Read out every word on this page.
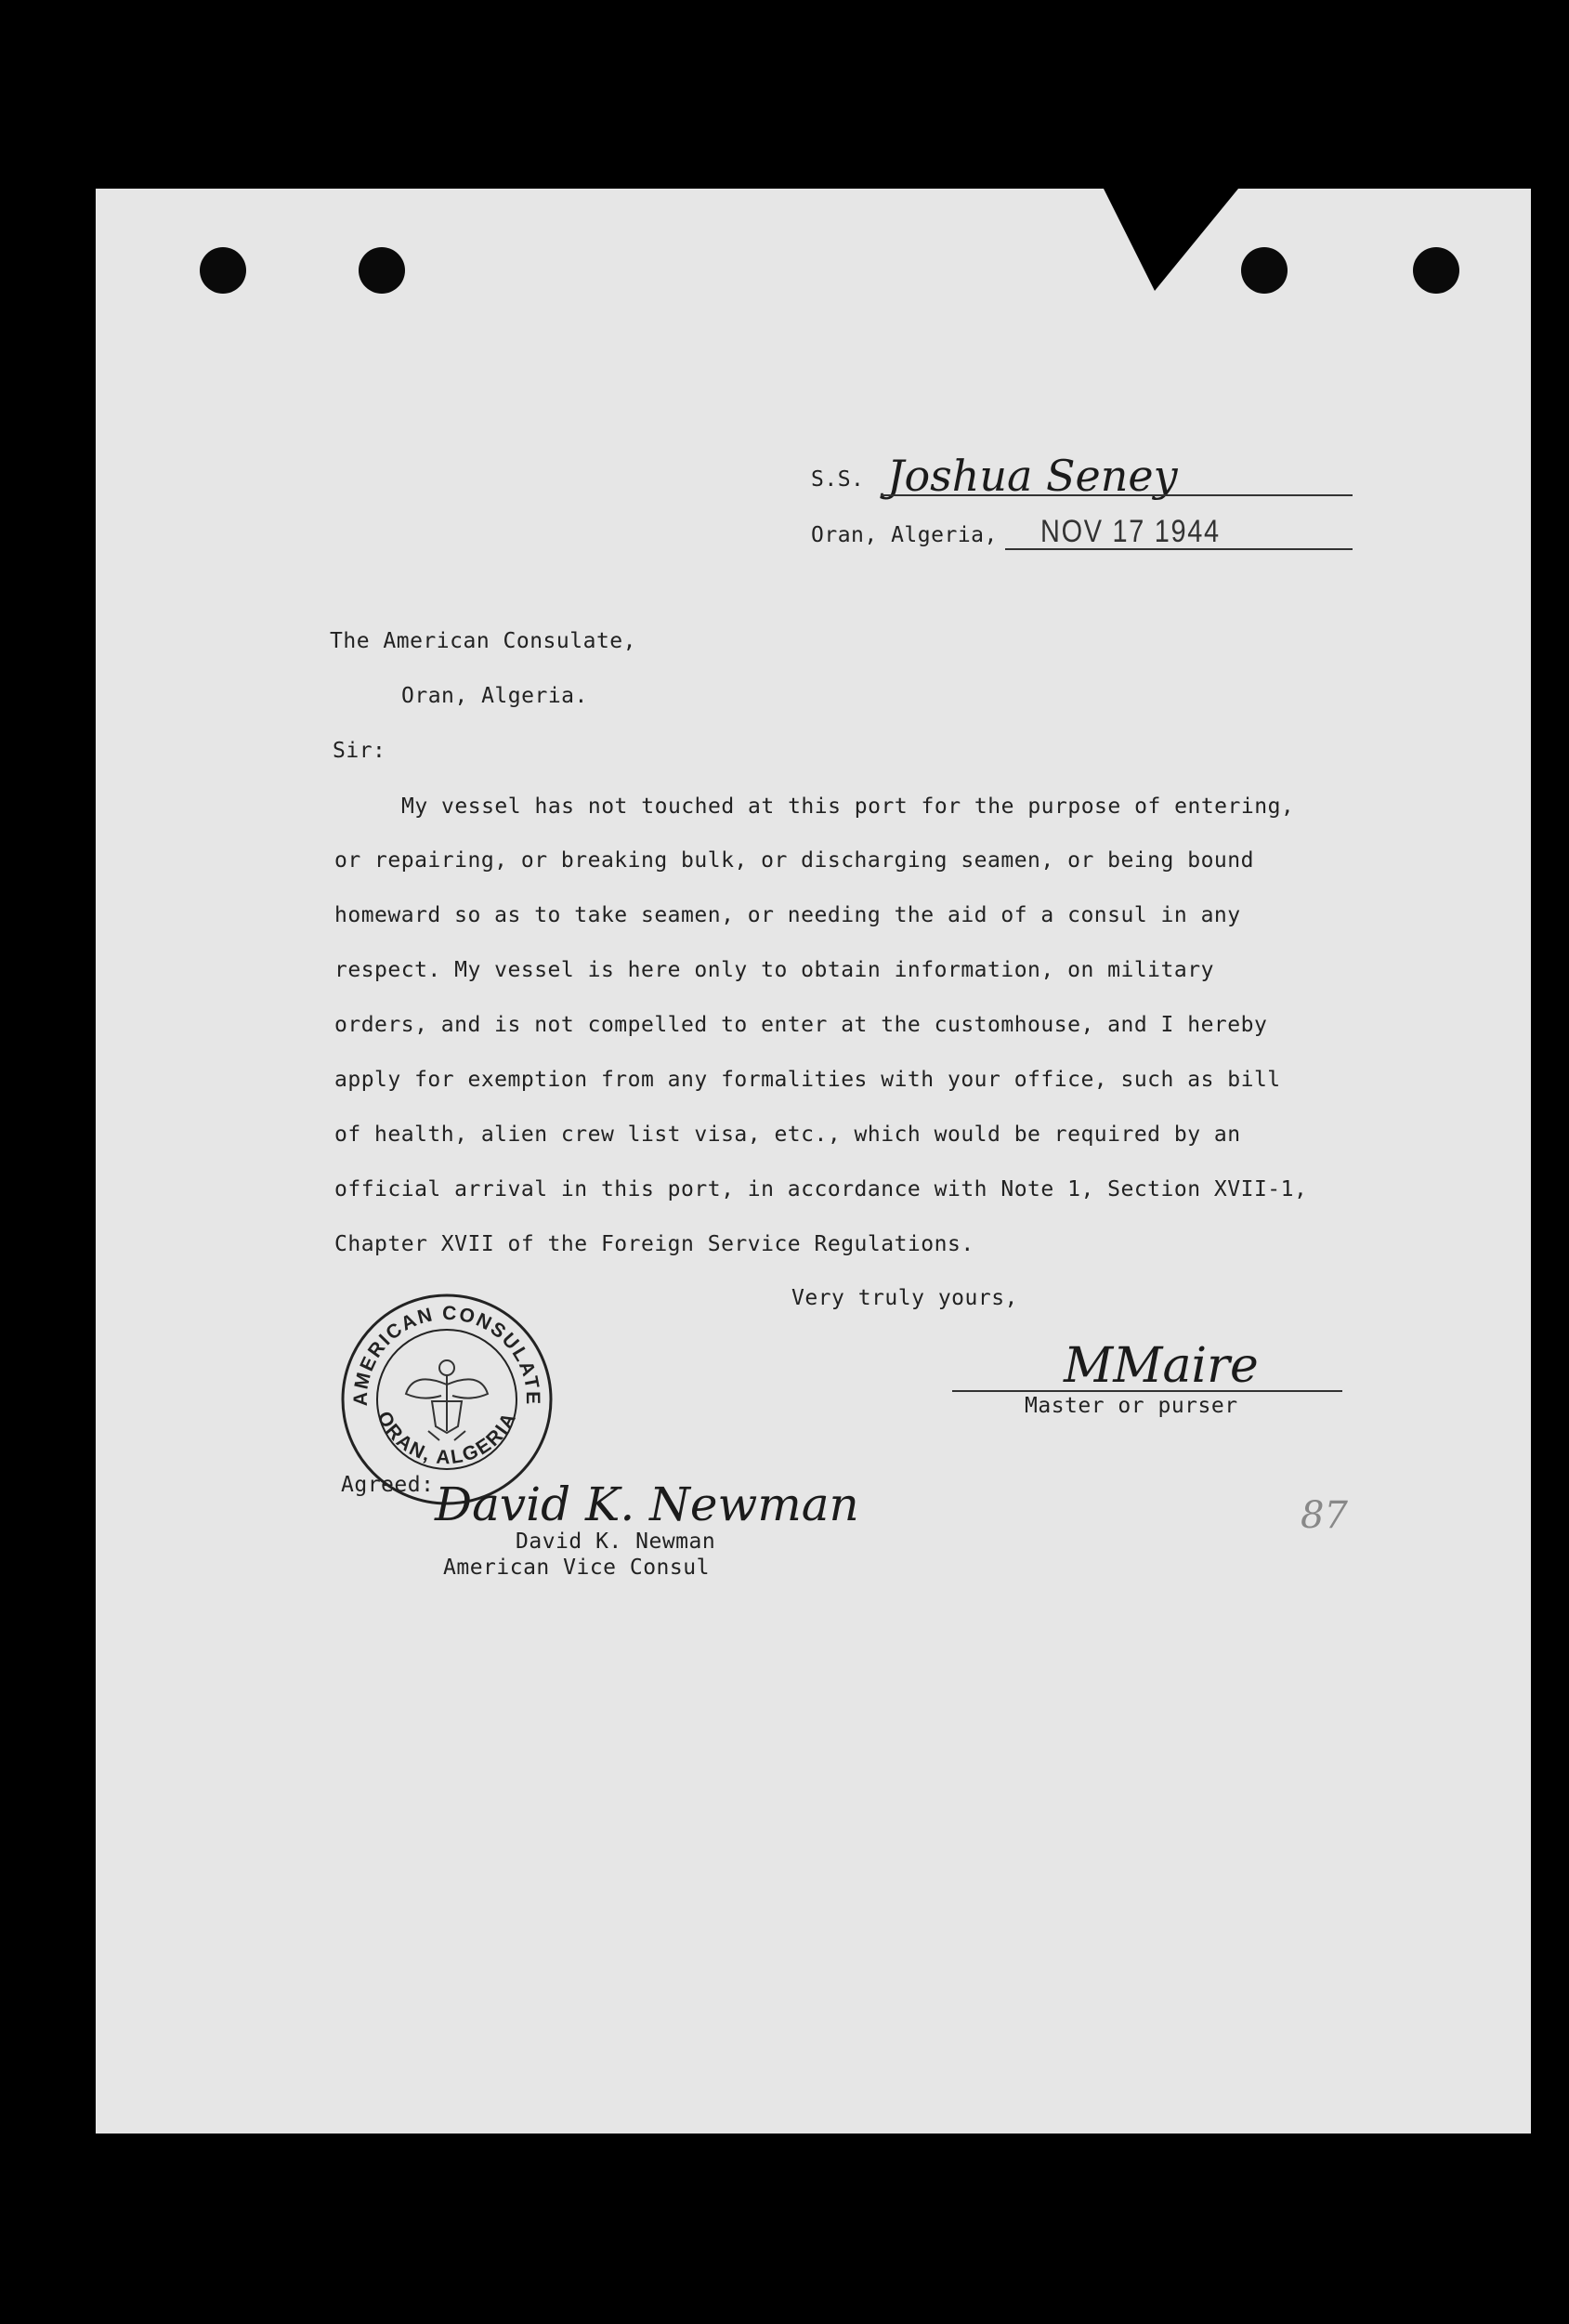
S.S. Joshua Seney
Oran, Algeria, NOV 17 1944
The American Consulate,
Oran, Algeria.
Sir:
My vessel has not touched at this port for the purpose of entering,
or repairing, or breaking bulk, or discharging seamen, or being bound
homeward so as to take seamen, or needing the aid of a consul in any
respect. My vessel is here only to obtain information, on military
orders, and is not compelled to enter at the customhouse, and I hereby
apply for exemption from any formalities with your office, such as bill
of health, alien crew list visa, etc., which would be required by an
official arrival in this port, in accordance with Note 1, Section XVII-1,
Chapter XVII of the Foreign Service Regulations.
Very truly yours,
MMaire
Master or purser
AMERICAN CONSULATE
ORAN, ALGERIA
Agreed: David K. Newman
David K. Newman
American Vice Consul
87
